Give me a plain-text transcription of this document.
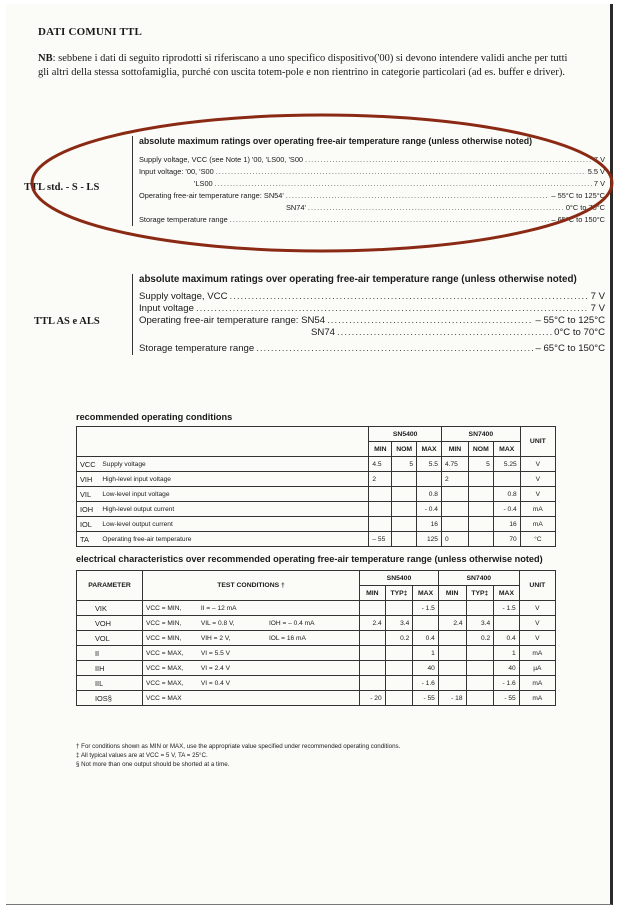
DATI COMUNI TTL
NB: sebbene i dati di seguito riprodotti si riferiscano a uno specifico dispositivo('00) si devono intendere validi anche per tutti gli altri della stessa sottofamiglia, purché con uscita totem-pole e non rientrino in categorie particolari (ad es. buffer e driver).
TTL std. - S - LS
absolute maximum ratings over operating free-air temperature range (unless otherwise noted)
Supply voltage, VCC (see Note 1) '00, 'LS00, 'S00 .....	7 V
Input voltage: '00, 'S00 .....	5.5 V
'LS00 .....	7 V
Operating free-air temperature range: SN54' .....	– 55°C to 125°C
SN74' .....	0°C to 70°C
Storage temperature range .....	– 65°C to 150°C
TTL AS e ALS
absolute maximum ratings over operating free-air temperature range (unless otherwise noted)
Supply voltage, VCC .....	7 V
Input voltage .....	7 V
Operating free-air temperature range: SN54 .....	– 55°C to 125°C
SN74 .....	0°C to 70°C
Storage temperature range .....	– 65°C to 150°C
recommended operating conditions
		SN5400			SN7400			UNIT
		MIN	NOM	MAX	MIN	NOM	MAX	
VCC	Supply voltage	4.5	5	5.5	4.75	5	5.25	V
VIH	High-level input voltage	2			2			V
VIL	Low-level input voltage			0.8			0.8	V
IOH	High-level output current			- 0.4			- 0.4	mA
IOL	Low-level output current			16			16	mA
TA	Operating free-air temperature	– 55		125	0		70	°C
electrical characteristics over recommended operating free-air temperature range (unless otherwise noted)
PARAMETER	TEST CONDITIONS †			SN5400			SN7400			UNIT
				MIN	TYP‡	MAX	MIN	TYP‡	MAX	
VIK	VCC = MIN,	II = – 12 mA				- 1.5			- 1.5	V
VOH	VCC = MIN,	VIL = 0.8 V,	IOH = – 0.4 mA	2.4	3.4		2.4	3.4		V
VOL	VCC = MIN,	VIH = 2 V,	IOL = 16 mA		0.2	0.4		0.2	0.4	V
II	VCC = MAX,	VI = 5.5 V				1			1	mA
IIH	VCC = MAX,	VI = 2.4 V				40			40	µA
IIL	VCC = MAX,	VI = 0.4 V				- 1.6			- 1.6	mA
IOS§	VCC = MAX			- 20		- 55	- 18		- 55	mA
† For conditions shown as MIN or MAX, use the appropriate value specified under recommended operating conditions.
‡ All typical values are at VCC = 5 V, TA = 25°C.
§ Not more than one output should be shorted at a time.
